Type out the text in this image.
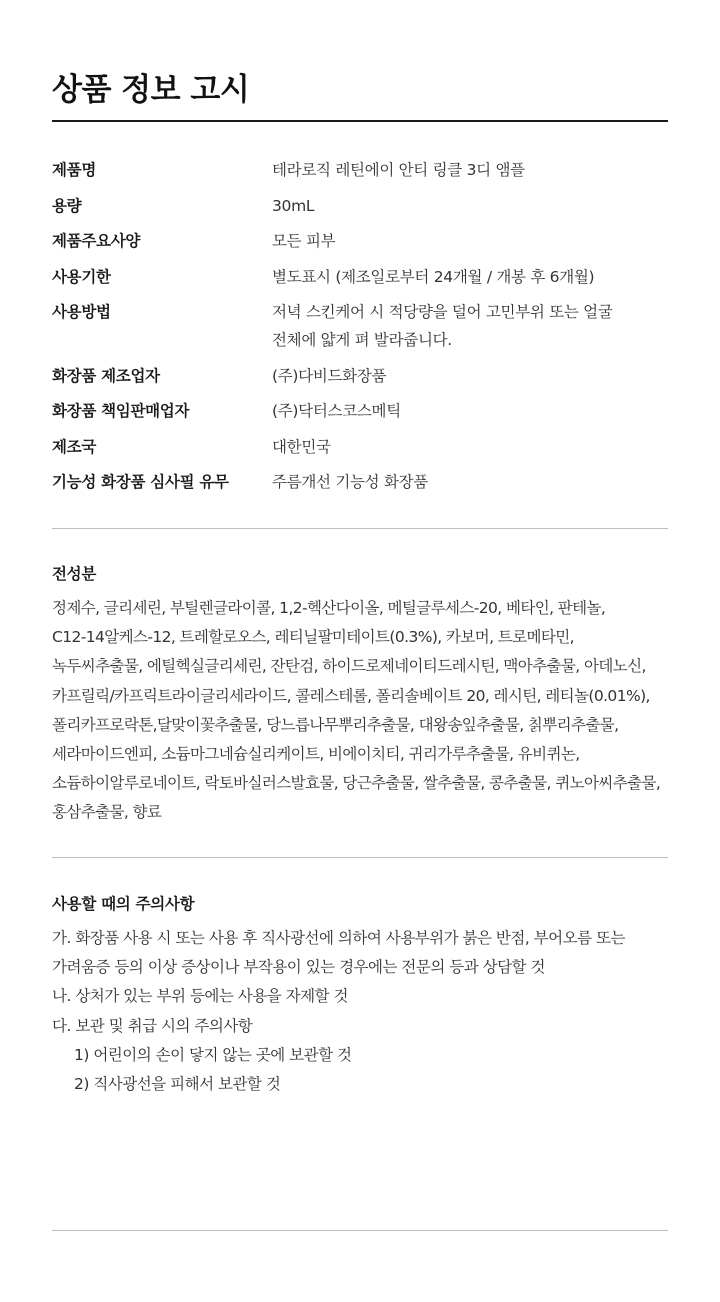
상품 정보 고시
제품명	테라로직 레틴에이 안티 링클 3디 앰플
용량	30mL
제품주요사양	모든 피부
사용기한	별도표시 (제조일로부터 24개월 / 개봉 후 6개월)
사용방법	저녁 스킨케어 시 적당량을 덜어 고민부위 또는 얼굴
전체에 얇게 펴 발라줍니다.
화장품 제조업자	(주)다비드화장품
화장품 책임판매업자	(주)닥터스코스메틱
제조국	대한민국
기능성 화장품 심사필 유무	주름개선 기능성 화장품
전성분

정제수, 글리세린, 부틸렌글라이콜, 1,2-헥산다이올, 메틸글루세스-20, 베타인, 판테놀,
C12-14알케스-12, 트레할로오스, 레티닐팔미테이트(0.3%), 카보머, 트로메타민,
녹두씨추출물, 에틸헥실글리세린, 잔탄검, 하이드로제네이티드레시틴, 맥아추출물, 아데노신,
카프릴릭/카프릭트라이글리세라이드, 콜레스테롤, 폴리솔베이트 20, 레시틴, 레티놀(0.01%),
폴리카프로락톤,달맞이꽃추출물, 당느릅나무뿌리추출물, 대왕송잎추출물, 칡뿌리추출물,
세라마이드엔피, 소듐마그네슘실리케이트, 비에이치티, 귀리가루추출물, 유비퀴논,
소듐하이알루로네이트, 락토바실러스발효물, 당근추출물, 쌀추출물, 콩추출물, 퀴노아씨추출물,
홍삼추출물, 향료

사용할 때의 주의사항
가. 화장품 사용 시 또는 사용 후 직사광선에 의하여 사용부위가 붉은 반점, 부어오름 또는
가려움증 등의 이상 증상이나 부작용이 있는 경우에는 전문의 등과 상담할 것
나. 상처가 있는 부위 등에는 사용을 자제할 것
다. 보관 및 취급 시의 주의사항
1) 어린이의 손이 닿지 않는 곳에 보관할 것
2) 직사광선을 피해서 보관할 것
